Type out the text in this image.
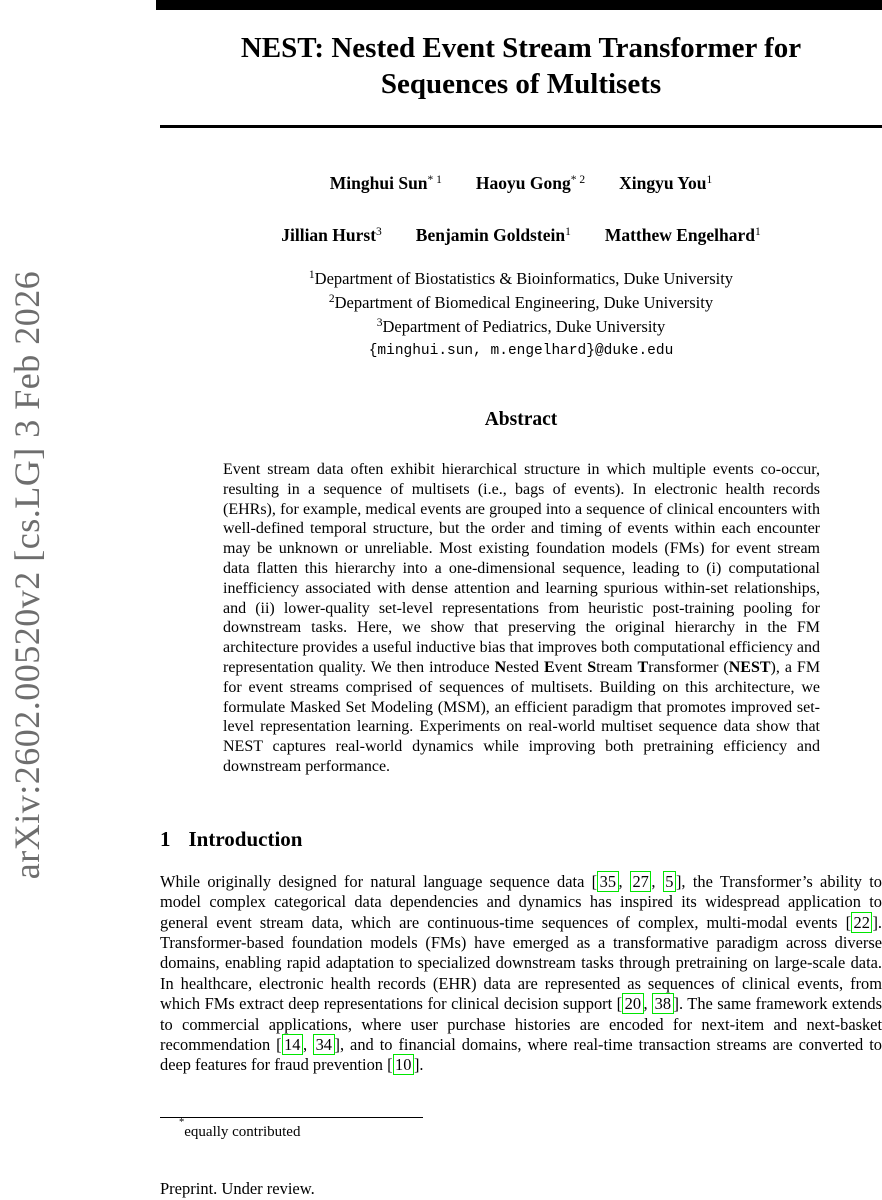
arXiv:2602.00520v2 [cs.LG] 3 Feb 2026
NEST: Nested Event Stream Transformer for Sequences of Multisets
Minghui Sun$^{* 1}$ Haoyu Gong$^{* 2}$ Xingyu You$^1$
Jillian Hurst$^3$ Benjamin Goldstein$^1$ Matthew Engelhard$^1$
$^1$Department of Biostatistics & Bioinformatics, Duke University
$^2$Department of Biomedical Engineering, Duke University
$^3$Department of Pediatrics, Duke University
{minghui.sun, m.engelhard}@duke.edu
Abstract

Event stream data often exhibit hierarchical structure in which multiple events co-occur, resulting in a sequence of multisets (i.e., bags of events). In electronic health records (EHRs), for example, medical events are grouped into a sequence of clinical encounters with well-defined temporal structure, but the order and timing of events within each encounter may be unknown or unreliable. Most existing foundation models (FMs) for event stream data flatten this hierarchy into a one-dimensional sequence, leading to (i) computational inefficiency associated with dense attention and learning spurious within-set relationships, and (ii) lower-quality set-level representations from heuristic post-training pooling for downstream tasks. Here, we show that preserving the original hierarchy in the FM architecture provides a useful inductive bias that improves both computational efficiency and representation quality. We then introduce Nested Event Stream Transformer (NEST), a FM for event streams comprised of sequences of multisets. Building on this architecture, we formulate Masked Set Modeling (MSM), an efficient paradigm that promotes improved set-level representation learning. Experiments on real-world multiset sequence data show that NEST captures real-world dynamics while improving both pretraining efficiency and downstream performance.

1 Introduction

While originally designed for natural language sequence data [ 35 , 27 , 5 ], the Transformer’s ability to model complex categorical data dependencies and dynamics has inspired its widespread application to general event stream data, which are continuous-time sequences of complex, multi-modal events [ 22 ]. Transformer-based foundation models (FMs) have emerged as a transformative paradigm across diverse domains, enabling rapid adaptation to specialized downstream tasks through pretraining on large-scale data. In healthcare, electronic health records (EHR) data are represented as sequences of clinical events, from which FMs extract deep representations for clinical decision support [ 20 , 38 ]. The same framework extends to commercial applications, where user purchase histories are encoded for next-item and next-basket recommendation [ 14 , 34 ], and to financial domains, where real-time transaction streams are converted to deep features for fraud prevention [ 10 ].

*equally contributed
Preprint. Under review.
